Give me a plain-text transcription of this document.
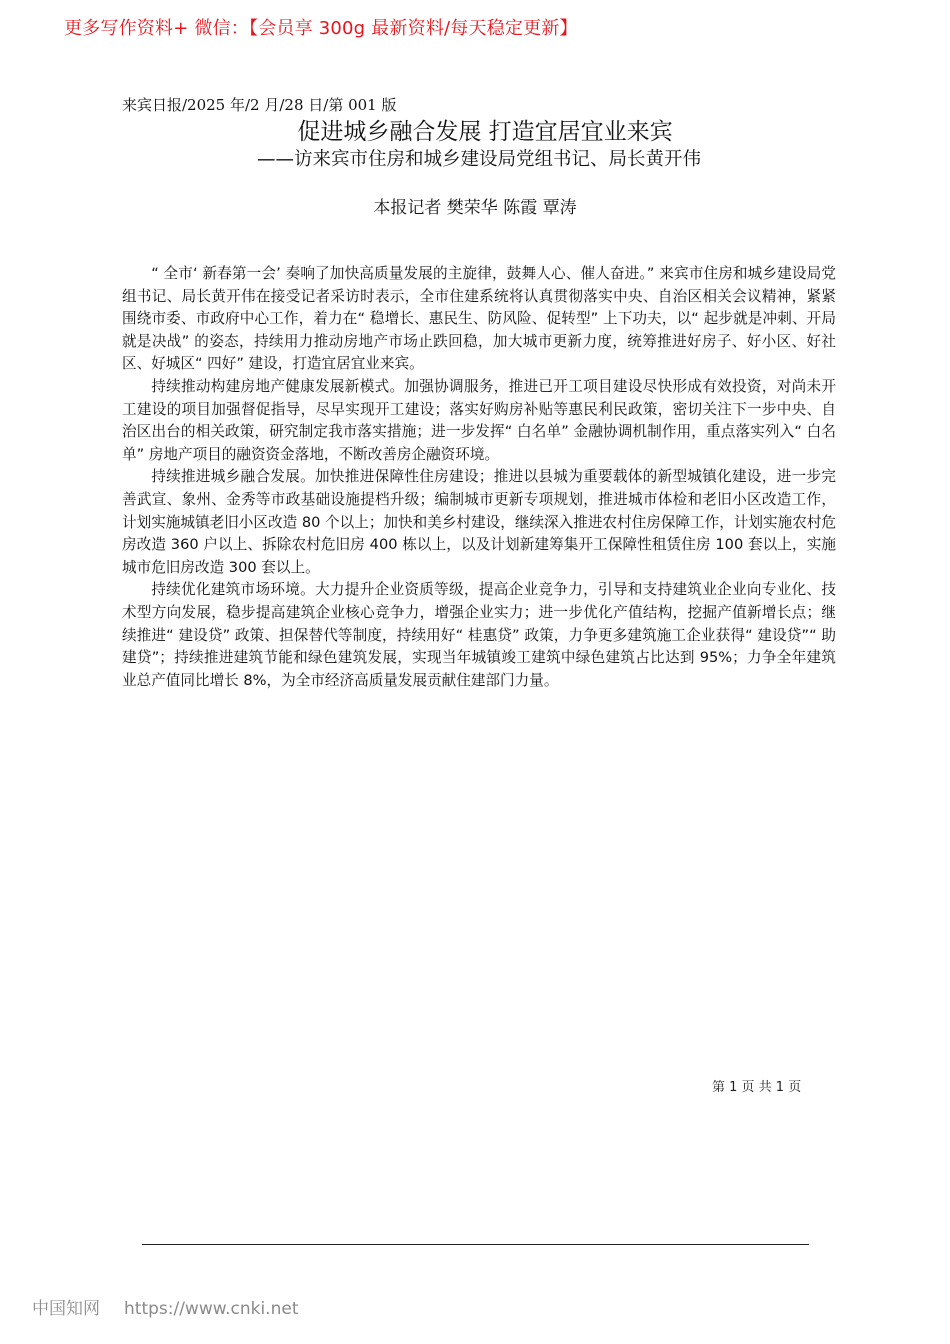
更多写作资料+ 微信：【会员享 300g 最新资料/每天稳定更新】
来宾日报/2025 年/2 月/28 日/第 001 版
促进城乡融合发展 打造宜居宜业来宾
——访来宾市住房和城乡建设局党组书记、局长黄开伟
本报记者 樊荣华 陈霞 覃涛

“ 全市‘ 新春第一会’ 奏响了加快高质量发展的主旋律，鼓舞人心、催人奋进。” 来宾市住房和城乡建设局党组书记、局长黄开伟在接受记者采访时表示，全市住建系统将认真贯彻落实中央、自治区相关会议精神，紧紧围绕市委、市政府中心工作，着力在“ 稳增长、惠民生、防风险、促转型” 上下功夫，以“ 起步就是冲刺、开局就是决战” 的姿态，持续用力推动房地产市场止跌回稳，加大城市更新力度，统筹推进好房子、好小区、好社区、好城区“ 四好” 建设，打造宜居宜业来宾。

持续推动构建房地产健康发展新模式。加强协调服务，推进已开工项目建设尽快形成有效投资，对尚未开工建设的项目加强督促指导，尽早实现开工建设；落实好购房补贴等惠民利民政策，密切关注下一步中央、自治区出台的相关政策，研究制定我市落实措施；进一步发挥“ 白名单” 金融协调机制作用，重点落实列入“ 白名单” 房地产项目的融资资金落地，不断改善房企融资环境。

持续推进城乡融合发展。加快推进保障性住房建设；推进以县城为重要载体的新型城镇化建设，进一步完善武宣、象州、金秀等市政基础设施提档升级；编制城市更新专项规划，推进城市体检和老旧小区改造工作，计划实施城镇老旧小区改造 80 个以上；加快和美乡村建设，继续深入推进农村住房保障工作，计划实施农村危房改造 360 户以上、拆除农村危旧房 400 栋以上，以及计划新建筹集开工保障性租赁住房 100 套以上，实施城市危旧房改造 300 套以上。

持续优化建筑市场环境。大力提升企业资质等级，提高企业竞争力，引导和支持建筑业企业向专业化、技术型方向发展，稳步提高建筑企业核心竞争力，增强企业实力；进一步优化产值结构，挖掘产值新增长点；继续推进“ 建设贷” 政策、担保替代等制度，持续用好“ 桂惠贷” 政策，力争更多建筑施工企业获得“ 建设贷”“ 助建贷”；持续推进建筑节能和绿色建筑发展，实现当年城镇竣工建筑中绿色建筑占比达到 95%；力争全年建筑业总产值同比增长 8%，为全市经济高质量发展贡献住建部门力量。

第 1 页 共 1 页
中国知网 https://www.cnki.net
